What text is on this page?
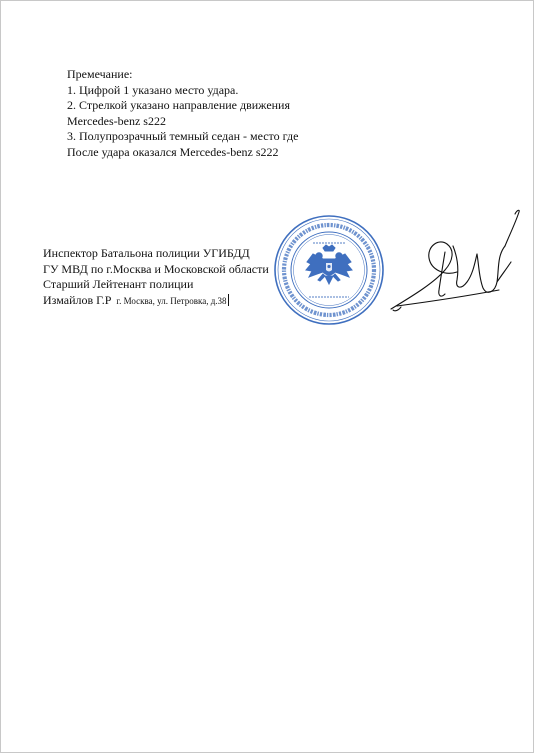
Премечание:
1. Цифрой 1 указано место удара.
2. Стрелкой указано направление движения
Mercedes-benz s222
3. Полупрозрачный темный седан - место где
После удара оказался Mercedes-benz s222
Инспектор Батальона полиции УГИБДД
ГУ МВД по г.Москва и Московской области
Старший Лейтенант полиции
Измайлов Г.Р г. Москва, ул. Петровка, д.38
